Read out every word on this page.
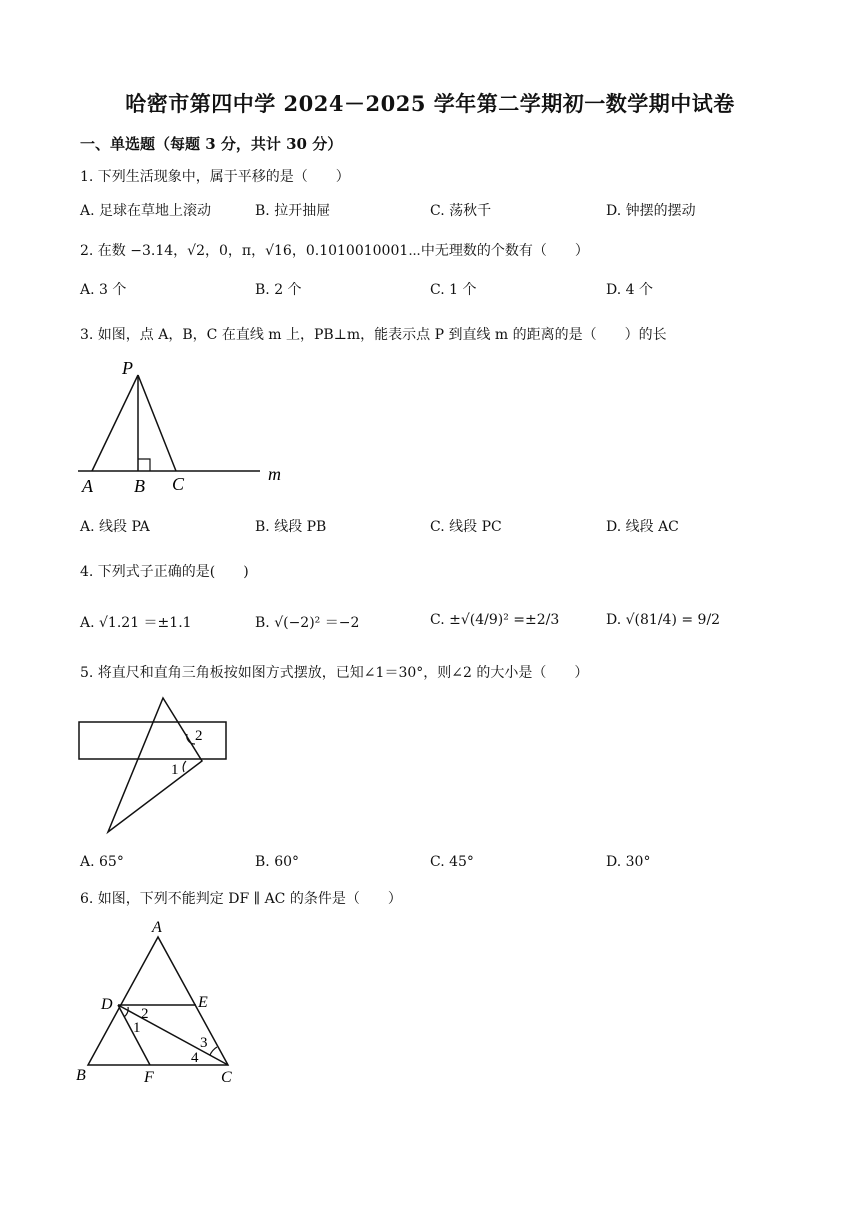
哈密市第四中学 2024－2025 学年第二学期初一数学期中试卷
一、单选题（每题 3 分，共计 30 分）
1. 下列生活现象中，属于平移的是（　　）
A. 足球在草地上滚动	B. 拉开抽屉	C. 荡秋千	D. 钟摆的摆动
2. 在数 −3.14，√2，0，π，√16，0.1010010001⋯中无理数的个数有（　　）
A. 3 个	B. 2 个	C. 1 个	D. 4 个
3. 如图，点 A，B，C 在直线 m 上，PB⊥m，能表示点 P 到直线 m 的距离的是（　　）的长
P
A B C	m
A. 线段 PA	B. 线段 PB	C. 线段 PC	D. 线段 AC
4. 下列式子正确的是(　　)
A. √1.21 ＝±1.1	B. √(−2)² ＝−2	C. ±√(4/9)² =±2/3	D. √(81/4) = 9/2
5. 将直尺和直角三角板按如图方式摆放，已知∠1＝30°，则∠2 的大小是（　　）
2
1
A. 65°	B. 60°	C. 45°	D. 30°
6. 如图，下列不能判定 DF ∥ AC 的条件是（　　）
A
D	E
B	F	C
1
2
3
4
